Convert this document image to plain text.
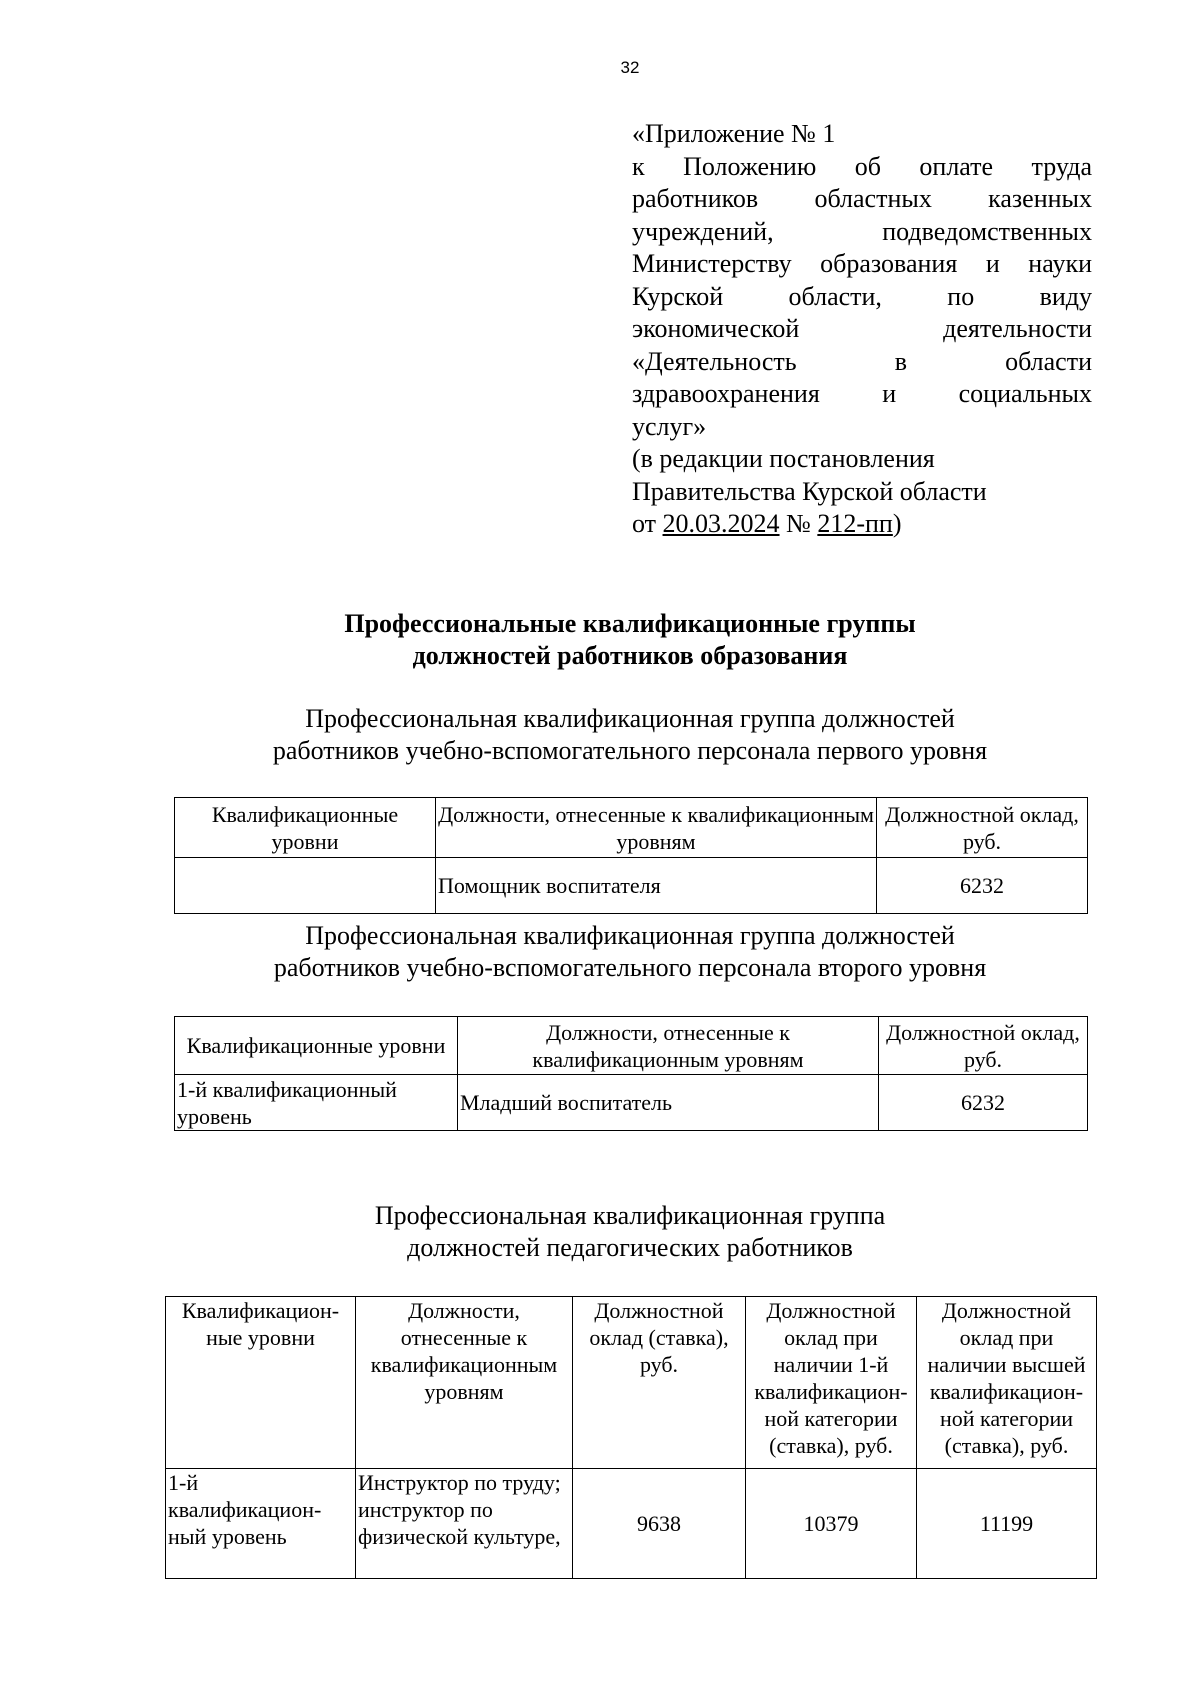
32
«Приложение № 1
к Положению об оплате труда
работников областных казенных
учреждений, подведомственных
Министерству образования и науки
Курской области, по виду
экономической деятельности
«Деятельность в области
здравоохранения и социальных
услуг»
(в редакции постановления
Правительства Курской области
от 20.03.2024 № 212-пп)
Профессиональные квалификационные группы
должностей работников образования
Профессиональная квалификационная группа должностей
работников учебно-вспомогательного персонала первого уровня
Квалификационные уровни	Должности, отнесенные к квалификационным уровням	Должностной оклад, руб.
	Помощник воспитателя	6232
Профессиональная квалификационная группа должностей
работников учебно-вспомогательного персонала второго уровня
Квалификационные уровни	Должности, отнесенные к квалификационным уровням	Должностной оклад, руб.
1-й квалификационный уровень	Младший воспитатель	6232
Профессиональная квалификационная группа
должностей педагогических работников
Квалификацион-ные уровни	Должности, отнесенные к квалификационным уровням	Должностной оклад (ставка), руб.	Должностной оклад при наличии 1-й квалификацион-ной категории (ставка), руб.	Должностной оклад при наличии высшей квалификацион-ной категории (ставка), руб.
1-й квалификацион-ный уровень	Инструктор по труду; инструктор по физической культуре,	9638	10379	11199
